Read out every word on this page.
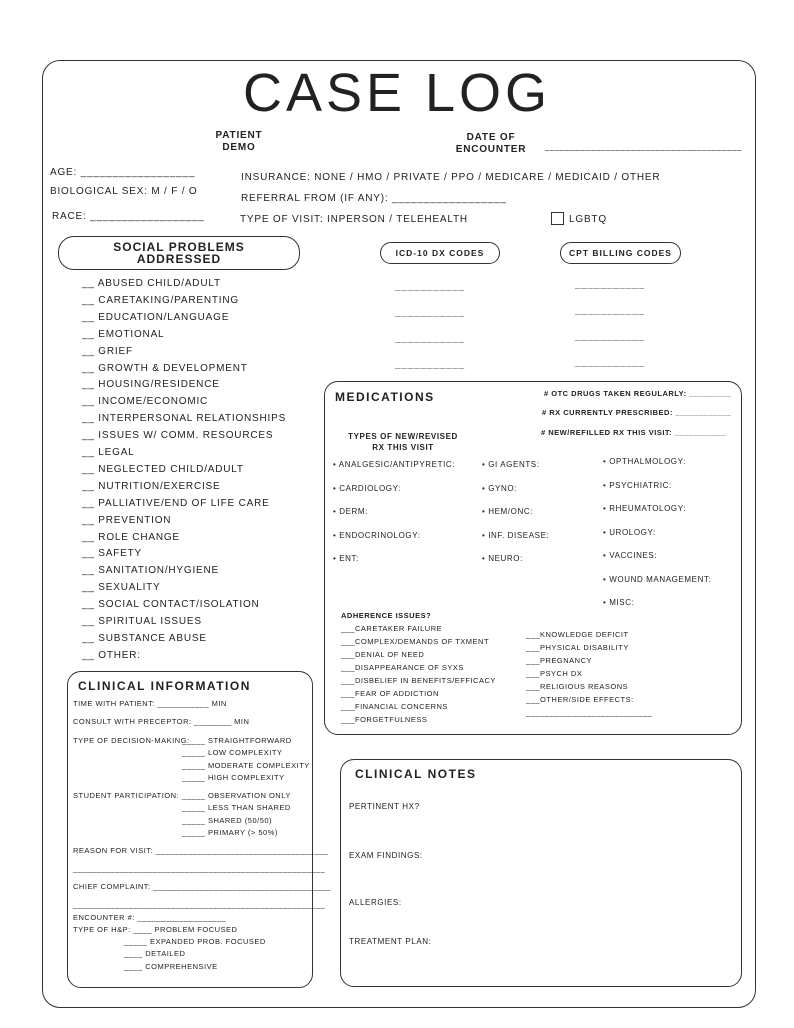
CASE LOG
PATIENT
DEMO
DATE OF
ENCOUNTER	_______________________________________
AGE: __________________
BIOLOGICAL SEX: M / F / O
RACE: __________________
INSURANCE: NONE / HMO / PRIVATE / PPO / MEDICARE / MEDICAID / OTHER
REFERRAL FROM (IF ANY): __________________
TYPE OF VISIT: INPERSON / TELEHEALTH	LGBTQ
SOCIAL PROBLEMS
ADDRESSED
__ ABUSED CHILD/ADULT
__ CARETAKING/PARENTING
__ EDUCATION/LANGUAGE
__ EMOTIONAL
__ GRIEF
__ GROWTH & DEVELOPMENT
__ HOUSING/RESIDENCE
__ INCOME/ECONOMIC
__ INTERPERSONAL RELATIONSHIPS
__ ISSUES W/ COMM. RESOURCES
__ LEGAL
__ NEGLECTED CHILD/ADULT
__ NUTRITION/EXERCISE
__ PALLIATIVE/END OF LIFE CARE
__ PREVENTION
__ ROLE CHANGE
__ SAFETY
__ SANITATION/HYGIENE
__ SEXUALITY
__ SOCIAL CONTACT/ISOLATION
__ SPIRITUAL ISSUES
__ SUBSTANCE ABUSE
__ OTHER:
ICD-10 DX CODES	CPT BILLING CODES
___________
___________
___________
___________
___________
___________
___________
___________
MEDICATIONS	# OTC DRUGS TAKEN REGULARLY: _________
# RX CURRENTLY PRESCRIBED: ____________
# NEW/REFILLED RX THIS VISIT: ___________
TYPES OF NEW/REVISED
RX THIS VISIT
• ANALGESIC/ANTIPYRETIC:
• CARDIOLOGY:
• DERM:
• ENDOCRINOLOGY:
• ENT:
• GI AGENTS:
• GYNO:
• HEM/ONC:
• INF. DISEASE:
• NEURO:
• OPTHALMOLOGY:
• PSYCHIATRIC:
• RHEUMATOLOGY:
• UROLOGY:
• VACCINES:
• WOUND MANAGEMENT:
• MISC:
ADHERENCE ISSUES?
___CARETAKER FAILURE
___COMPLEX/DEMANDS OF TXMENT
___DENIAL OF NEED
___DISAPPEARANCE OF SYXS
___DISBELIEF IN BENEFITS/EFFICACY
___FEAR OF ADDICTION
___FINANCIAL CONCERNS
___FORGETFULNESS
___KNOWLEDGE DEFICIT
___PHYSICAL DISABILITY
___PREGNANCY
___PSYCH DX
___RELIGIOUS REASONS
___OTHER/SIDE EFFECTS:
___________________________
CLINICAL INFORMATION
TIME WITH PATIENT: ___________ MIN
CONSULT WITH PRECEPTOR: ________ MIN
TYPE OF DECISION-MAKING:
_____ STRAIGHTFORWARD
_____ LOW COMPLEXITY
_____ MODERATE COMPLEXITY
_____ HIGH COMPLEXITY
STUDENT PARTICIPATION: _____ OBSERVATION ONLY
_____ LESS THAN SHARED
_____ SHARED (50/50)
_____ PRIMARY (> 50%)
REASON FOR VISIT: _____________________________________
______________________________________________________
CHIEF COMPLAINT: ______________________________________
______________________________________________________
ENCOUNTER #: ___________________
TYPE OF H&P: ____ PROBLEM FOCUSED
_____ EXPANDED PROB. FOCUSED
____ DETAILED
____ COMPREHENSIVE
CLINICAL NOTES
PERTINENT HX?
EXAM FINDINGS:
ALLERGIES:
TREATMENT PLAN:
